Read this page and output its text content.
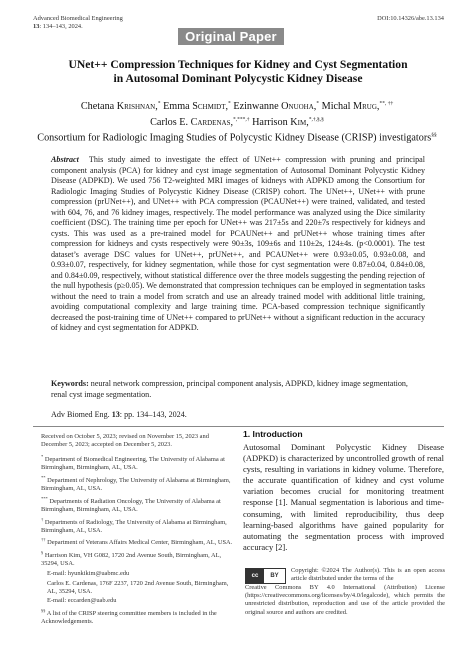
Advanced Biomedical Engineering
13: 134–143, 2024.
DOI:10.14326/abe.13.134
Original Paper
UNet++ Compression Techniques for Kidney and Cyst Segmentation
in Autosomal Dominant Polycystic Kidney Disease
Chetana Krishnan,* Emma Schmidt,* Ezinwanne Onuoha,* Michal Mrug,**, ††
Carlos E. Cardenas,*,***,† Harrison Kim,*,†,§,§
Consortium for Radiologic Imaging Studies of Polycystic Kidney Disease (CRISP) investigators§§
Abstract This study aimed to investigate the effect of UNet++ compression with pruning and principal component analysis (PCA) for kidney and cyst image segmentation of Autosomal Dominant Polycystic Kidney Disease (ADPKD). We used 756 T2-weighted MRI images of kidneys with ADPKD among the Consortium for Radiologic Imaging Studies of Polycystic Kidney Disease (CRISP) cohort. The UNet++, UNet++ with prune compression (prUNet++), and UNet++ with PCA compression (PCAUNet++) were trained, validated, and tested with 604, 76, and 76 kidney images, respectively. The model performance was analyzed using the Dice similarity coefficient (DSC). The training time per epoch for UNet++ was 217±5s and 220±7s respectively for kidneys and cysts. This was used as a pre-trained model for PCAUNet++ and prUNet++ whose training times after compression for kidneys and cysts respectively were 90±3s, 109±6s and 110±2s, 124±4s. (p<0.0001). The test dataset’s average DSC values for UNet++, prUNet++, and PCAUNet++ were 0.93±0.05, 0.93±0.08, and 0.93±0.07, respectively, for kidney segmentation, while those for cyst segmentation were 0.87±0.04, 0.84±0.08, and 0.84±0.09, respectively, without statistical difference over the three models suggesting the pending rejection of the null hypothesis (p≥0.05). We demonstrated that compression techniques can be employed in segmentation tasks without the need to train a model from scratch and use an already trained model with additional little training, avoiding computational complexity and large training time. PCA-based compression technique significantly decreased the post-training time of UNet++ compared to prUNet++ without a significant reduction in the accuracy of kidney and cyst segmentation for ADPKD.
Keywords: neural network compression, principal component analysis, ADPKD, kidney image segmentation, renal cyst image segmentation.
Adv Biomed Eng. 13: pp. 134–143, 2024.
Received on October 5, 2023; revised on November 15, 2023 and December 5, 2023; accepted on December 5, 2023.
* Department of Biomedical Engineering, The University of Alabama at Birmingham, Birmingham, AL, USA.
** Department of Nephrology, The University of Alabama at Birmingham, Birmingham, AL, USA.
*** Departments of Radiation Oncology, The University of Alabama at Birmingham, Birmingham, AL, USA.
† Departments of Radiology, The University of Alabama at Birmingham, Birmingham, AL, USA.
†† Department of Veterans Affairs Medical Center, Birmingham, AL, USA.
§ Harrison Kim, VH G082, 1720 2nd Avenue South, Birmingham, AL, 35294, USA.
E-mail: hyunkikim@uabmc.edu
Carlos E. Cardenas, 176F 2237, 1720 2nd Avenue South, Birmingham, AL, 35294, USA.
E-mail: eccarden@uab.edu
§§ A list of the CRISP steering committee members is included in the Acknowledgements.
1. Introduction
Autosomal Dominant Polycystic Kidney Disease (ADPKD) is characterized by uncontrolled growth of renal cysts, resulting in variations in kidney volume. Therefore, the accurate quantification of kidney and cyst volume variation becomes crucial for monitoring treatment response [1]. Manual segmentation is laborious and time-consuming, with limited reproducibility, thus deep learning-based algorithms have gained popularity for automating the segmentation process with improved accuracy [2].
cc	BY
Copyright: ©2024 The Author(s). This is an open access article distributed under the terms of the
Creative Commons BY 4.0 International (Attribution) License (https://creativecommons.org/licenses/by/4.0/legalcode), which permits the unrestricted distribution, reproduction and use of the article provided the original source and authors are credited.
